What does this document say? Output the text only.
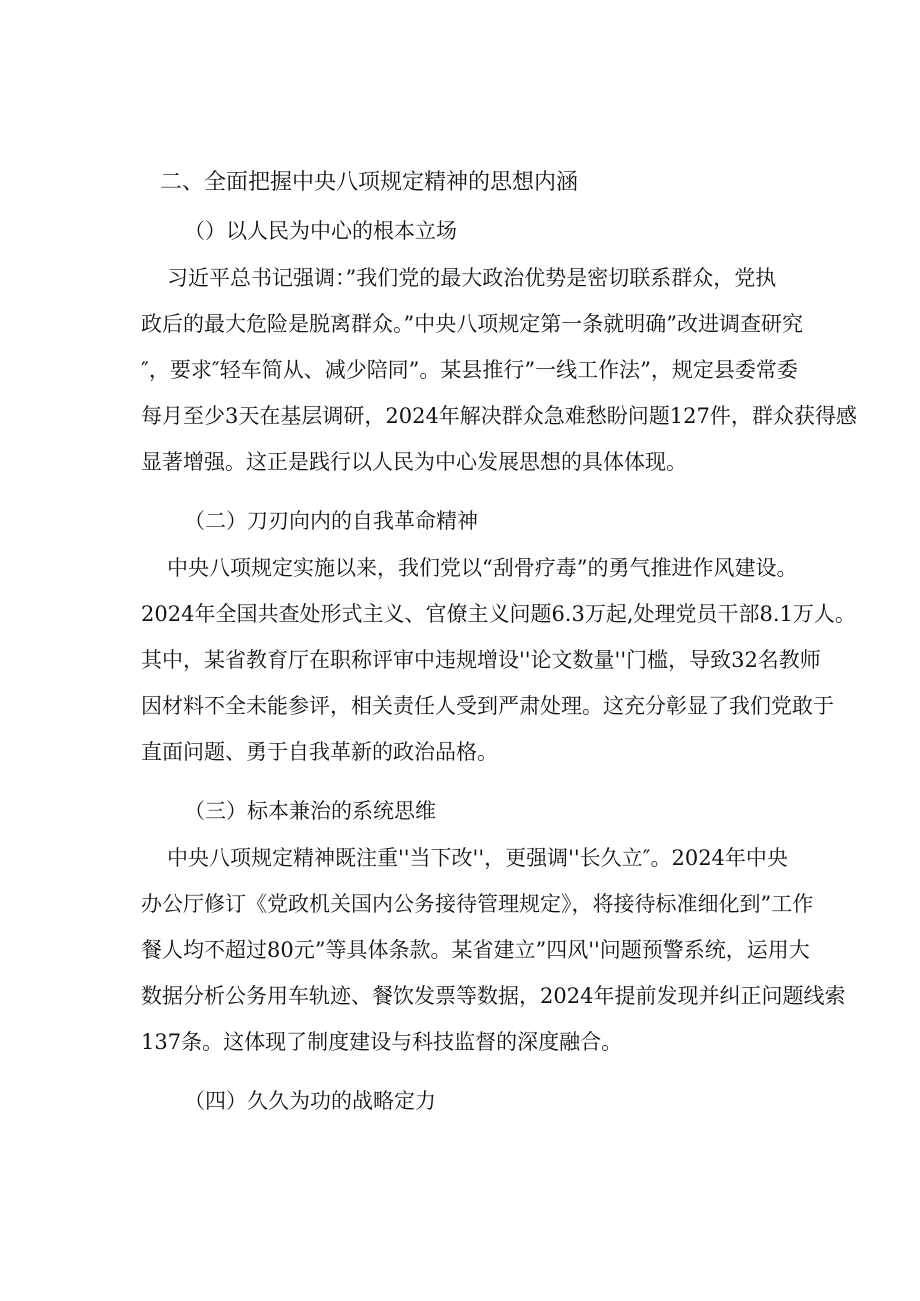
二、全面把握中央八项规定精神的思想内涵
（）以人民为中心的根本立场
习近平总书记强调：”我们党的最大政治优势是密切联系群众，党执
政后的最大危险是脱离群众。”中央八项规定第一条就明确”改进调查研究
″，要求″轻车简从、减少陪同”。某县推行”一线工作法”，规定县委常委
每月至少3天在基层调研，2024年解决群众急难愁盼问题127件，群众获得感
显著增强。这正是践行以人民为中心发展思想的具体体现。
（二）刀刃向内的自我革命精神
中央八项规定实施以来，我们党以“刮骨疗毒”的勇气推进作风建设。
2024年全国共查处形式主义、官僚主义问题6.3万起,处理党员干部8.1万人。
其中，某省教育厅在职称评审中违规增设''论文数量''门槛，导致32名教师
因材料不全未能参评，相关责任人受到严肃处理。这充分彰显了我们党敢于
直面问题、勇于自我革新的政治品格。
（三）标本兼治的系统思维
中央八项规定精神既注重''当下改''，更强调''长久立″。2024年中央
办公厅修订《党政机关国内公务接待管理规定》，将接待标准细化到”工作
餐人均不超过80元”等具体条款。某省建立”四风''问题预警系统，运用大
数据分析公务用车轨迹、餐饮发票等数据，2024年提前发现并纠正问题线索
137条。这体现了制度建设与科技监督的深度融合。
（四）久久为功的战略定力
